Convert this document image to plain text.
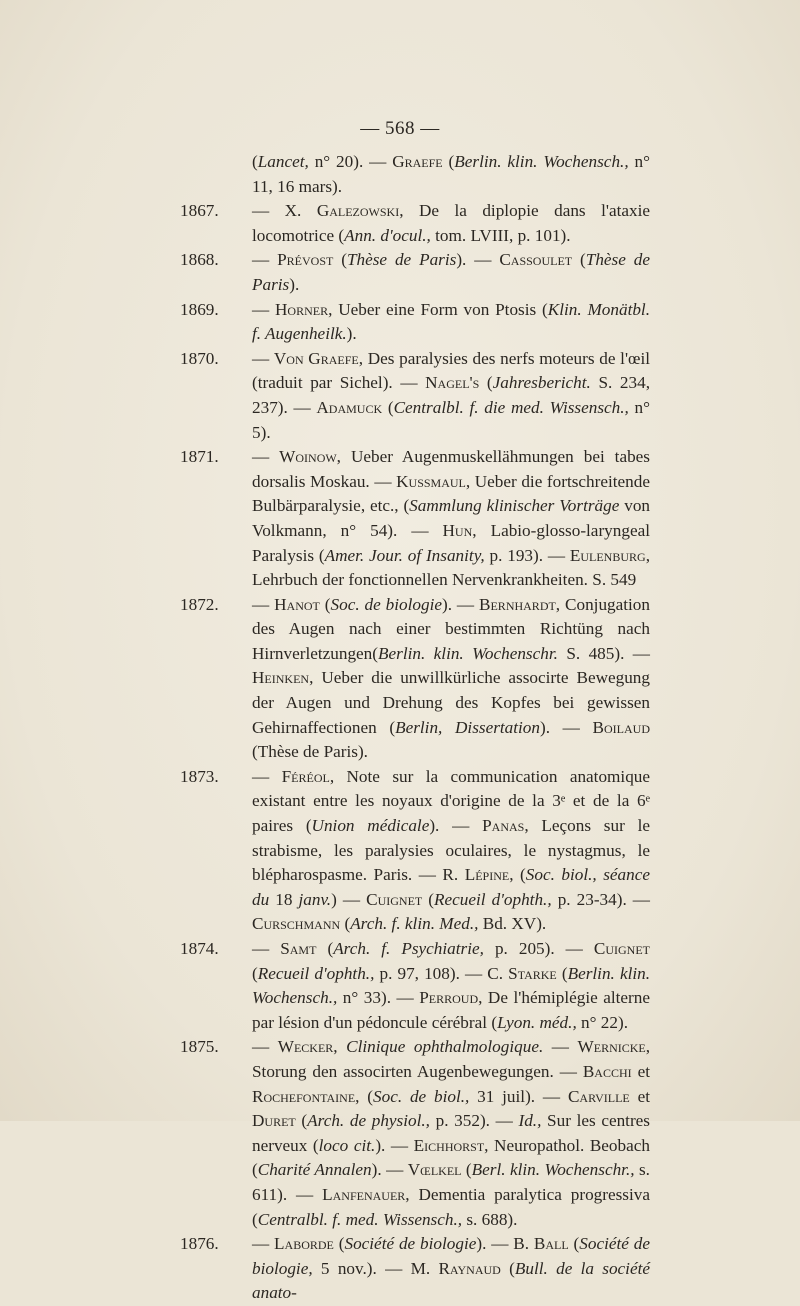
— 568 —
(Lancet, n° 20). — Graefe (Berlin. klin. Wochensch., n° 11, 16 mars).
1867. — X. Galezowski, De la diplopie dans l'ataxie locomotrice (Ann. d'ocul., tom. LVIII, p. 101).
1868. — Prévost (Thèse de Paris). — Cassoulet (Thèse de Paris).
1869. — Horner, Ueber eine Form von Ptosis (Klin. Monätbl. f. Augenheilk.).
1870. — Von Graefe, Des paralysies des nerfs moteurs de l'œil (traduit par Sichel). — Nagel's (Jahresbericht. S. 234, 237). — Adamuck (Centralbl. f. die med. Wissensch., n° 5).
1871. — Woinow, Ueber Augenmuskellähmungen bei tabes dorsalis Moskau. — Kussmaul, Ueber die fortschreitende Bulbärparalysie, etc., (Sammlung klinischer Vorträge von Volkmann, n° 54). — Hun, Labio-glosso-laryngeal Paralysis (Amer. Jour. of Insanity, p. 193). — Eulenburg, Lehrbuch der fonctionnellen Nervenkrankheiten. S. 549
1872. — Hanot (Soc. de biologie). — Bernhardt, Conjugation des Augen nach einer bestimmten Richtüng nach Hirnverletzungen(Berlin. klin. Wochenschr. S. 485). — Heinken, Ueber die unwillkürliche associrte Bewegung der Augen und Drehung des Kopfes bei gewissen Gehirnaffectionen (Berlin, Dissertation). — Boilaud (Thèse de Paris).
1873. — Féréol, Note sur la communication anatomique existant entre les noyaux d'origine de la 3ᵉ et de la 6ᵉ paires (Union médicale). — Panas, Leçons sur le strabisme, les paralysies oculaires, le nystagmus, le blépharospasme. Paris. — R. Lépine, (Soc. biol., séance du 18 janv.) — Cuignet (Recueil d'ophth., p. 23-34). — Curschmann (Arch. f. klin. Med., Bd. XV).
1874. — Samt (Arch. f. Psychiatrie, p. 205). — Cuignet (Recueil d'ophth., p. 97, 108). — C. Starke (Berlin. klin. Wochensch., n° 33). — Perroud, De l'hémiplégie alterne par lésion d'un pédoncule cérébral (Lyon. méd., n° 22).
1875. — Wecker, Clinique ophthalmologique. — Wernicke, Storung den associrten Augenbewegungen. — Bacchi et Rochefontaine, (Soc. de biol., 31 juil). — Carville et Duret (Arch. de physiol., p. 352). — Id., Sur les centres nerveux (loco cit.). — Eichhorst, Neuropathol. Beobach (Charité Annalen). — Vœlkel (Berl. klin. Wochenschr., s. 611). — Lanfenauer, Dementia paralytica progressiva (Centralbl. f. med. Wissensch., s. 688).
1876. — Laborde (Société de biologie). — B. Ball (Société de biologie, 5 nov.). — M. Raynaud (Bull. de la société anato-
